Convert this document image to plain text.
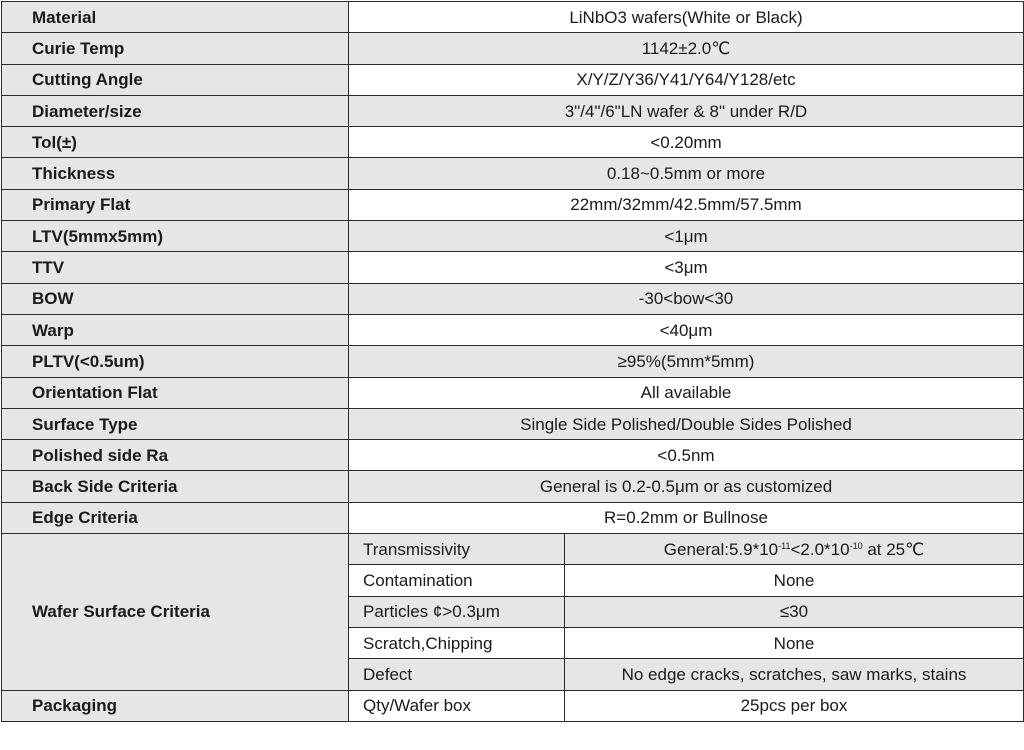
Material	LiNbO3 wafers(White or Black)	
Curie Temp	1142±2.0℃	
Cutting Angle	X/Y/Z/Y36/Y41/Y64/Y128/etc	
Diameter/size	3"/4"/6"LN wafer & 8" under R/D	
Tol(±)	<0.20mm	
Thickness	0.18~0.5mm or more	
Primary Flat	22mm/32mm/42.5mm/57.5mm	
LTV(5mmx5mm)	<1μm	
TTV	<3μm	
BOW	-30<bow<30	
Warp	<40μm	
PLTV(<0.5um)	≥95%(5mm*5mm)	
Orientation Flat	All available	
Surface Type	Single Side Polished/Double Sides Polished	
Polished side Ra	<0.5nm	
Back Side Criteria	General is 0.2-0.5μm or as customized	
Edge Criteria	R=0.2mm or Bullnose	
Wafer Surface Criteria	Transmissivity	$General:5.9*10^{-11}<2.0*10^{-10}$ at 25℃
	Contamination	None
	Particles ¢>0.3μm	≤30
	Scratch,Chipping	None
	Defect	No edge cracks, scratches, saw marks, stains
Packaging	Qty/Wafer box	25pcs per box
